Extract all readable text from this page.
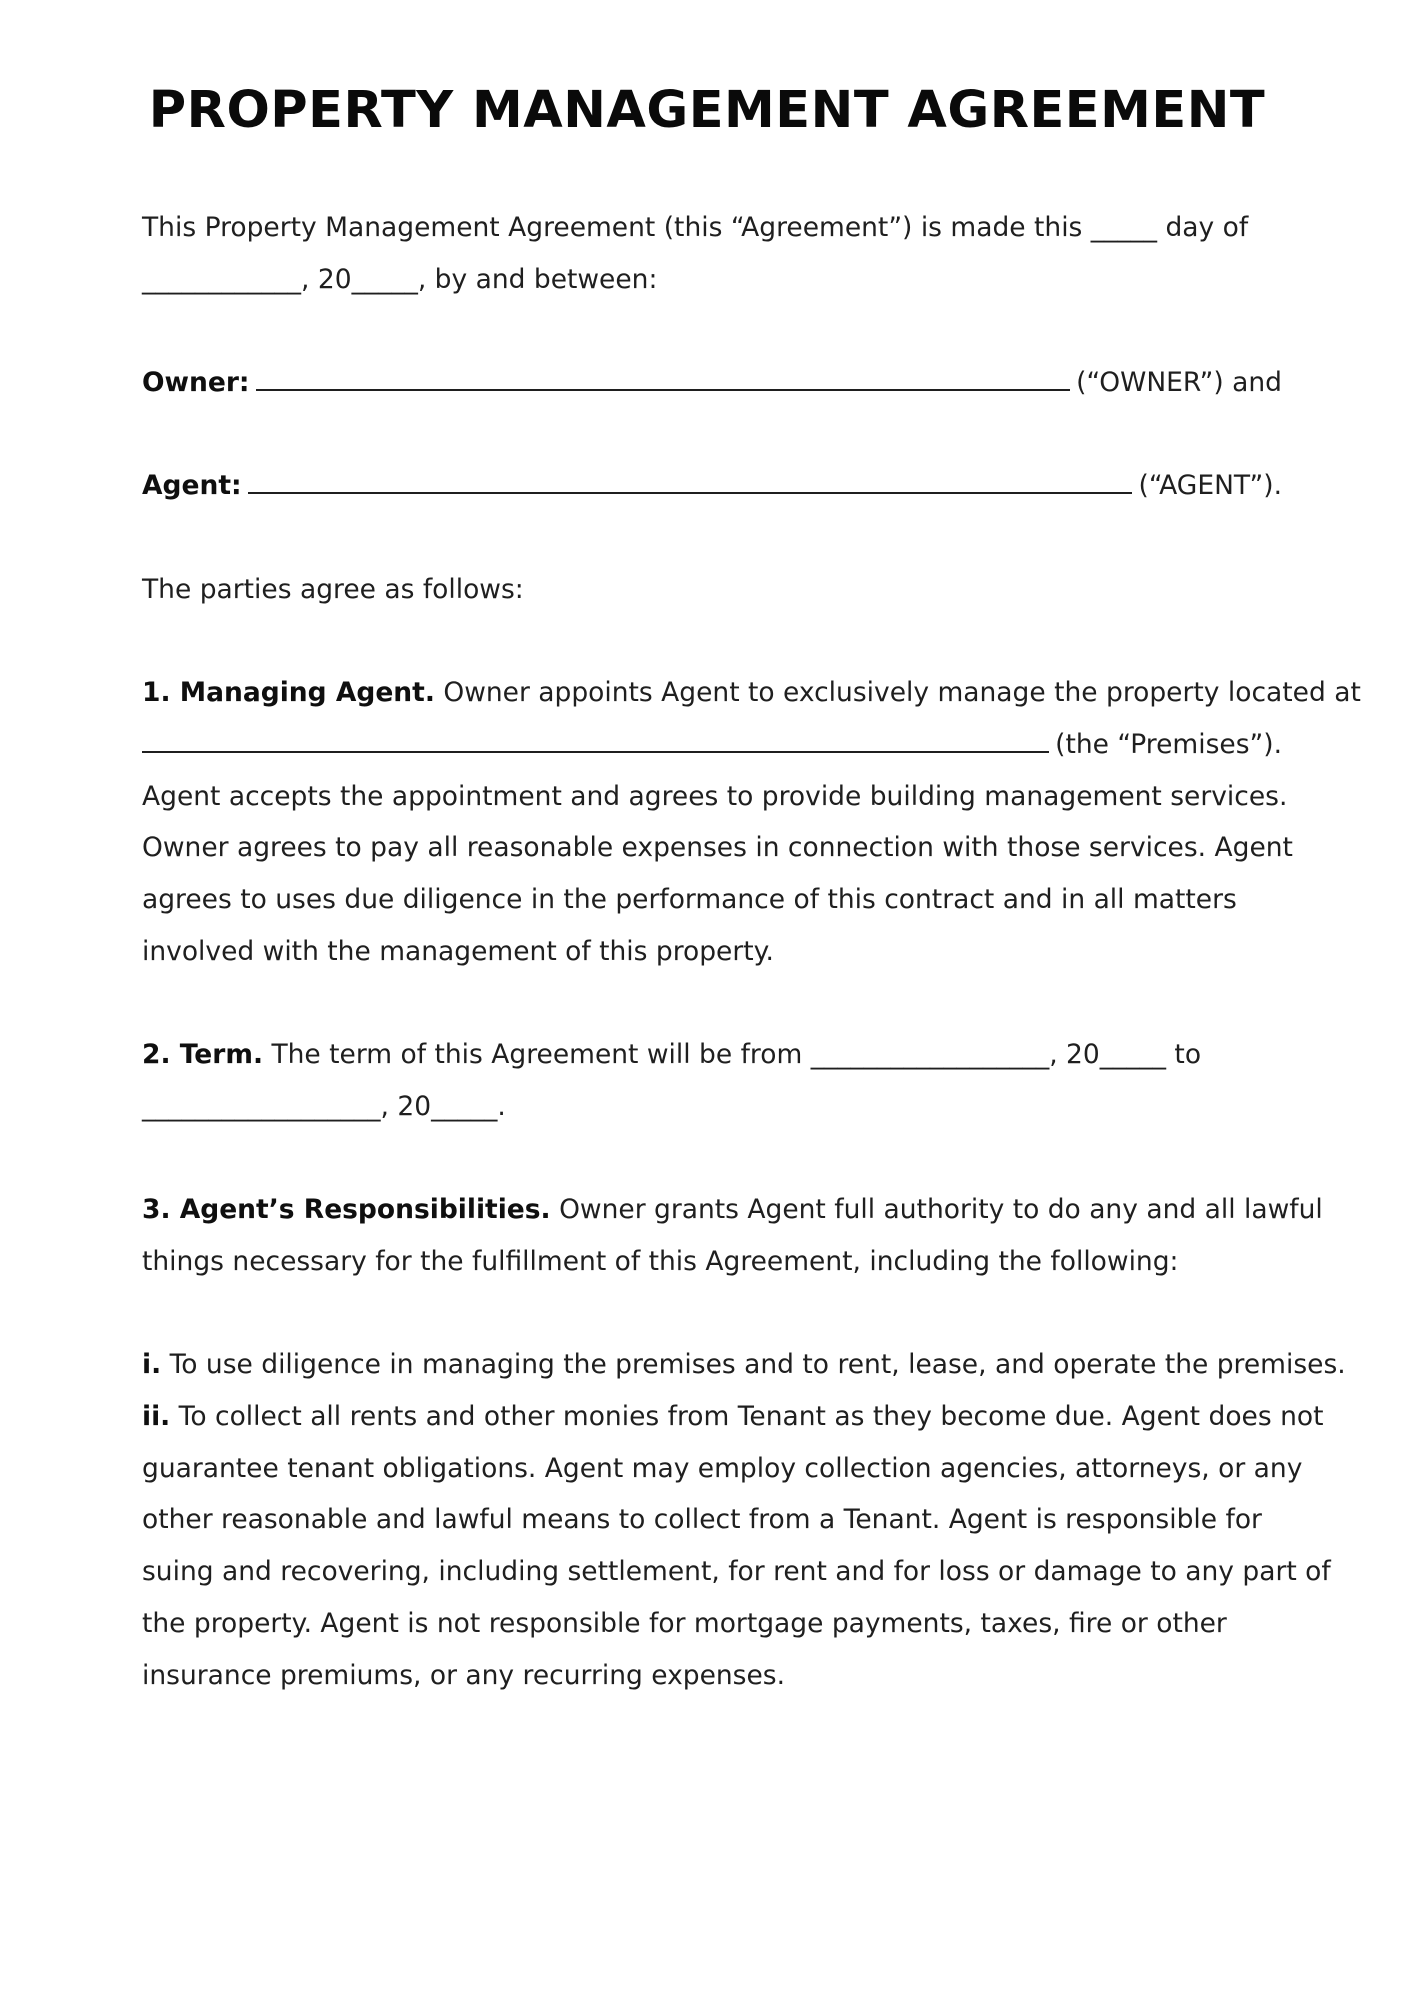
PROPERTY MANAGEMENT AGREEMENT
This Property Management Agreement (this “Agreement”) is made this _____ day of
____________, 20_____, by and between:
Owner:	(“OWNER”) and
Agent:	(“AGENT”).
The parties agree as follows:
1. Managing Agent. Owner appoints Agent to exclusively manage the property located at
(the “Premises”).
Agent accepts the appointment and agrees to provide building management services.
Owner agrees to pay all reasonable expenses in connection with those services. Agent
agrees to uses due diligence in the performance of this contract and in all matters
involved with the management of this property.
2. Term. The term of this Agreement will be from __________________, 20_____ to
__________________, 20_____.
3. Agent’s Responsibilities. Owner grants Agent full authority to do any and all lawful
things necessary for the fulfillment of this Agreement, including the following:
i. To use diligence in managing the premises and to rent, lease, and operate the premises.
ii. To collect all rents and other monies from Tenant as they become due. Agent does not
guarantee tenant obligations. Agent may employ collection agencies, attorneys, or any
other reasonable and lawful means to collect from a Tenant. Agent is responsible for
suing and recovering, including settlement, for rent and for loss or damage to any part of
the property. Agent is not responsible for mortgage payments, taxes, fire or other
insurance premiums, or any recurring expenses.
